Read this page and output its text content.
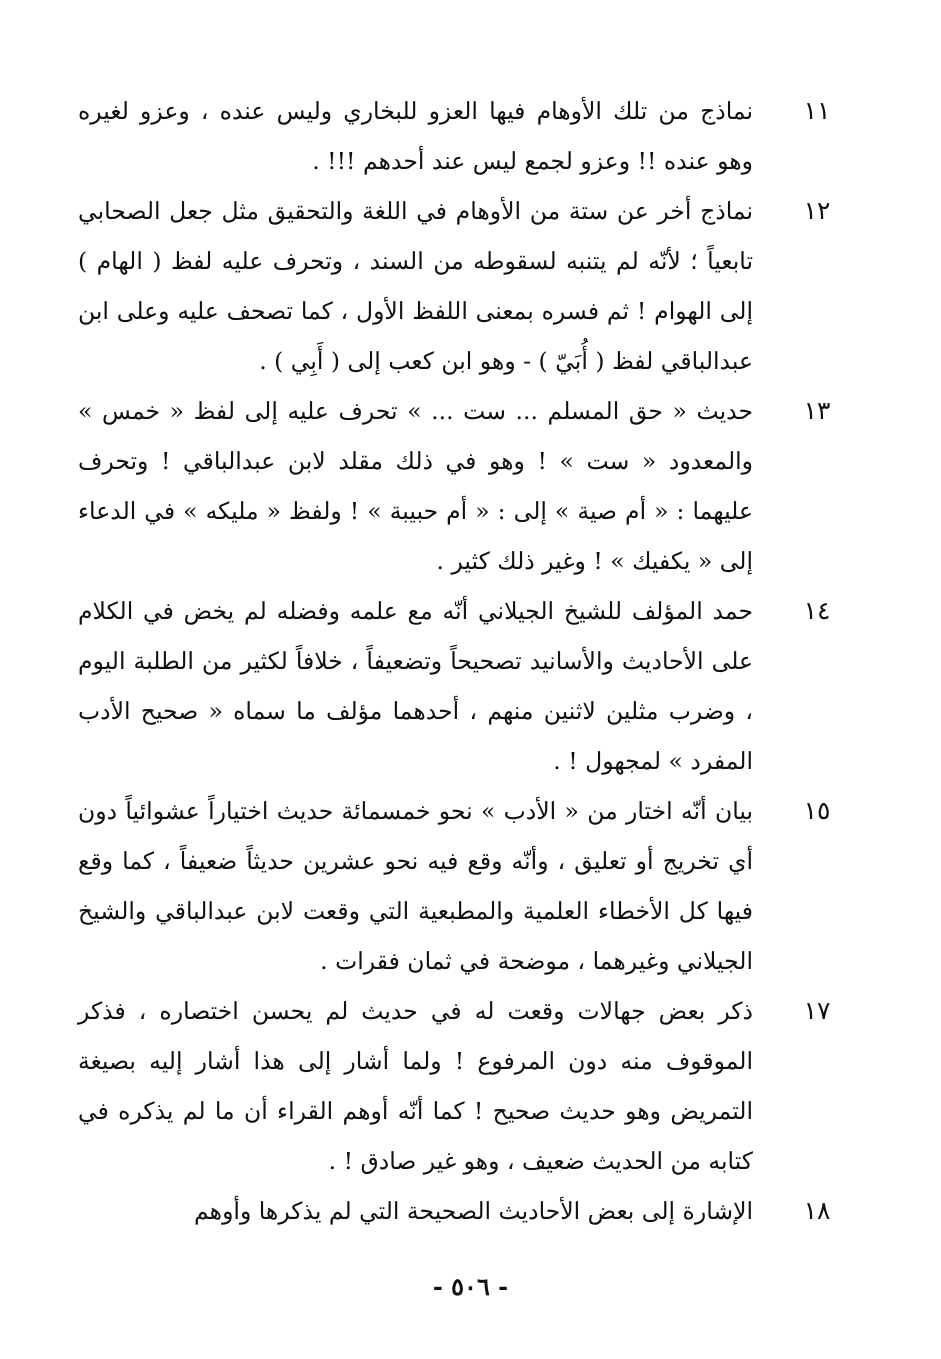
١١

نماذج من تلك الأوهام فيها العزو للبخاري وليس عنده ، وعزو لغيره وهو عنده !! وعزو لجمع ليس عند أحدهم !!! .

١٢

نماذج أخر عن ستة من الأوهام في اللغة والتحقيق مثل جعل الصحابي تابعياً ؛ لأنّه لم يتنبه لسقوطه من السند ، وتحرف عليه لفظ ( الهام ) إلى الهوام ! ثم فسره بمعنى اللفظ الأول ، كما تصحف عليه وعلى ابن عبدالباقي لفظ ( أُبَيّ ) - وهو ابن كعب إلى ( أَبِي ) .

١٣

حديث « حق المسلم ... ست ... » تحرف عليه إلى لفظ « خمس » والمعدود « ست » ! وهو في ذلك مقلد لابن عبدالباقي ! وتحرف عليهما : « أم صية » إلى : « أم حبيبة » ! ولفظ « مليكه » في الدعاء إلى « يكفيك » ! وغير ذلك كثير .

١٤

حمد المؤلف للشيخ الجيلاني أنّه مع علمه وفضله لم يخض في الكلام على الأحاديث والأسانيد تصحيحاً وتضعيفاً ، خلافاً لكثير من الطلبة اليوم ، وضرب مثلين لاثنين منهم ، أحدهما مؤلف ما سماه « صحيح الأدب المفرد » لمجهول ! .

١٥

بيان أنّه اختار من « الأدب » نحو خمسمائة حديث اختياراً عشوائياً دون أي تخريج أو تعليق ، وأنّه وقع فيه نحو عشرين حديثاً ضعيفاً ، كما وقع فيها كل الأخطاء العلمية والمطبعية التي وقعت لابن عبدالباقي والشيخ الجيلاني وغيرهما ، موضحة في ثمان فقرات .

١٧

ذكر بعض جهالات وقعت له في حديث لم يحسن اختصاره ، فذكر الموقوف منه دون المرفوع ! ولما أشار إلى هذا أشار إليه بصيغة التمريض وهو حديث صحيح ! كما أنّه أوهم القراء أن ما لم يذكره في كتابه من الحديث ضعيف ، وهو غير صادق ! .

١٨

الإشارة إلى بعض الأحاديث الصحيحة التي لم يذكرها وأوهم

- ٥٠٦ -
